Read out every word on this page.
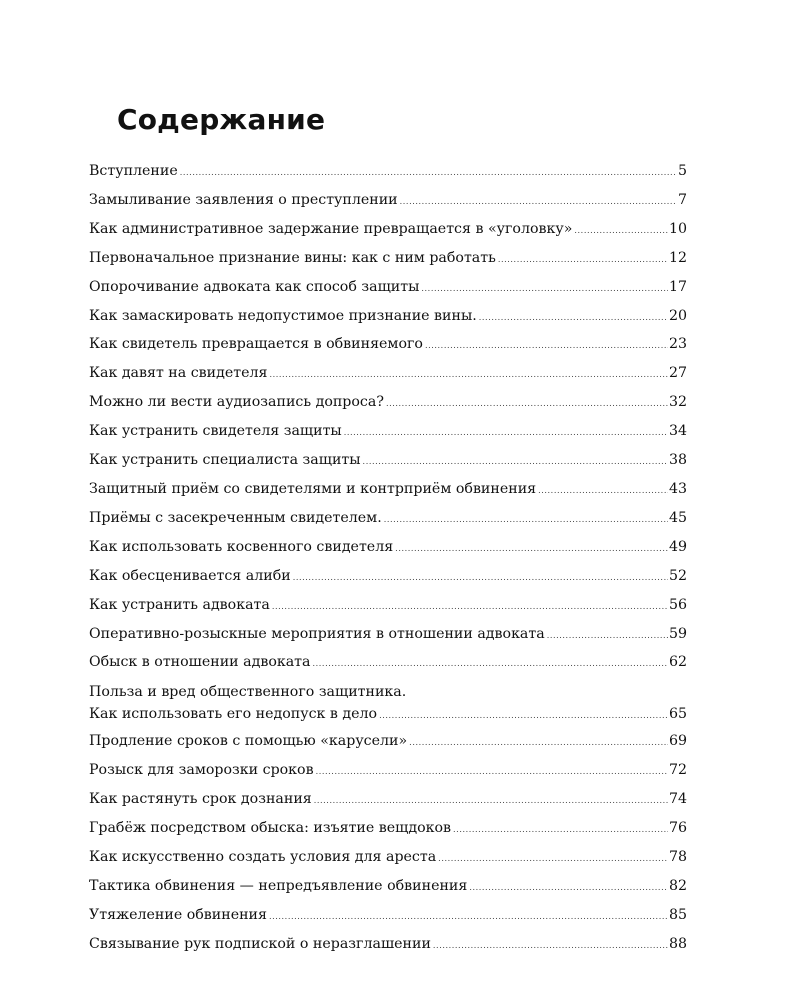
Содержание
Вступление .....	5
Замыливание заявления о преступлении .....	7
Как административное задержание превращается в «уголовку» .....	10
Первоначальное признание вины: как с ним работать .....	12
Опорочивание адвоката как способ защиты .....	17
Как замаскировать недопустимое признание вины. .....	20
Как свидетель превращается в обвиняемого .....	23
Как давят на свидетеля .....	27
Можно ли вести аудиозапись допроса? .....	32
Как устранить свидетеля защиты .....	34
Как устранить специалиста защиты .....	38
Защитный приём со свидетелями и контрприём обвинения .....	43
Приёмы с засекреченным свидетелем. .....	45
Как использовать косвенного свидетеля .....	49
Как обесценивается алиби .....	52
Как устранить адвоката .....	56
Оперативно-розыскные мероприятия в отношении адвоката .....	59
Обыск в отношении адвоката .....	62
Польза и вред общественного защитника.
Как использовать его недопуск в дело .....	65
Продление сроков с помощью «карусели» .....	69
Розыск для заморозки сроков .....	72
Как растянуть срок дознания .....	74
Грабёж посредством обыска: изъятие вещдоков .....	76
Как искусственно создать условия для ареста .....	78
Тактика обвинения — непредъявление обвинения .....	82
Утяжеление обвинения .....	85
Связывание рук подпиской о неразглашении .....	88
